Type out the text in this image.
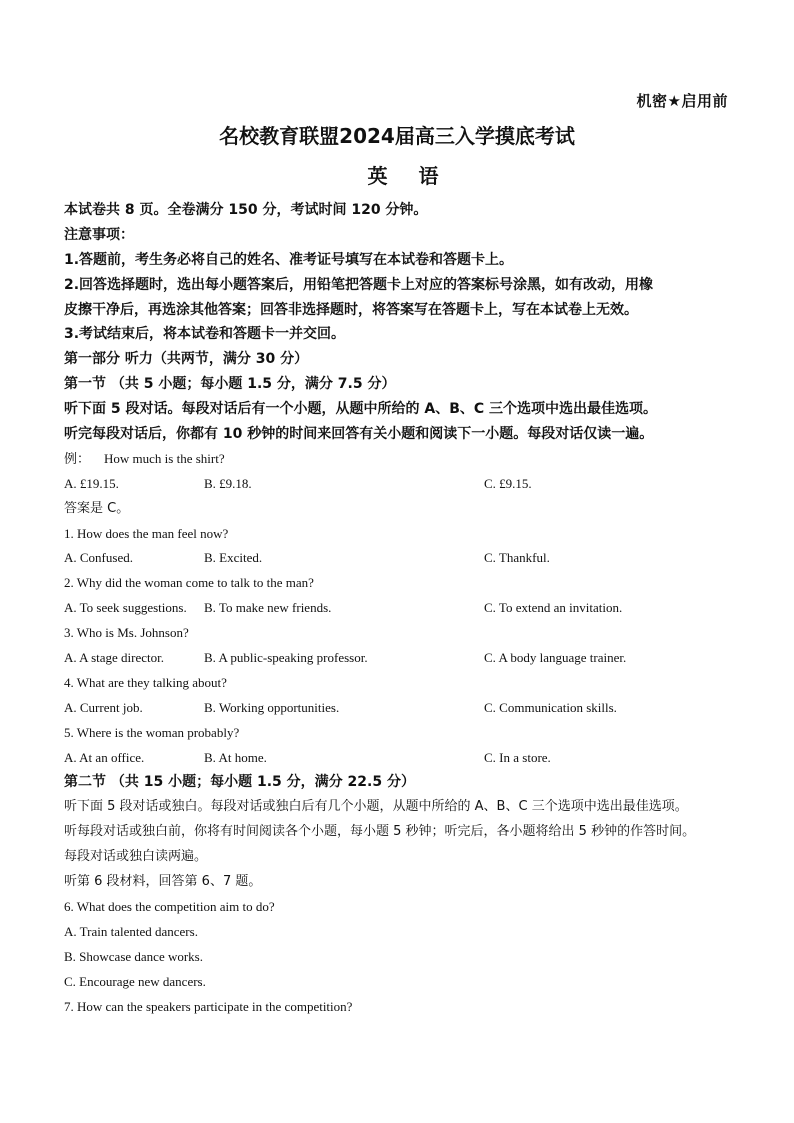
机密★启用前
名校教育联盟2024届高三入学摸底考试
英 语
本试卷共 8 页。全卷满分 150 分，考试时间 120 分钟。
注意事项：
1.答题前，考生务必将自己的姓名、准考证号填写在本试卷和答题卡上。
2.回答选择题时，选出每小题答案后，用铅笔把答题卡上对应的答案标号涂黑，如有改动，用橡
皮擦干净后，再选涂其他答案；回答非选择题时，将答案写在答题卡上，写在本试卷上无效。
3.考试结束后，将本试卷和答题卡一并交回。
第一部分 听力（共两节，满分 30 分）
第一节 （共 5 小题；每小题 1.5 分，满分 7.5 分）
听下面 5 段对话。每段对话后有一个小题，从题中所给的 A、B、C 三个选项中选出最佳选项。
听完每段对话后，你都有 10 秒钟的时间来回答有关小题和阅读下一小题。每段对话仅读一遍。
例： How much is the shirt?
A. £19.15.	B. £9.18.	C. £9.15.
答案是 C。
1. How does the man feel now?
A. Confused.	B. Excited.	C. Thankful.
2. Why did the woman come to talk to the man?
A. To seek suggestions. B. To make new friends.	C. To extend an invitation.
3. Who is Ms. Johnson?
A. A stage director.	B. A public-speaking professor.	C. A body language trainer.
4. What are they talking about?
A. Current job.	B. Working opportunities.	C. Communication skills.
5. Where is the woman probably?
A. At an office.	B. At home.	C. In a store.
第二节 （共 15 小题；每小题 1.5 分，满分 22.5 分）
听下面 5 段对话或独白。每段对话或独白后有几个小题，从题中所给的 A、B、C 三个选项中选出最佳选项。
听每段对话或独白前，你将有时间阅读各个小题，每小题 5 秒钟；听完后，各小题将给出 5 秒钟的作答时间。
每段对话或独白读两遍。
听第 6 段材料，回答第 6、7 题。
6. What does the competition aim to do?
A. Train talented dancers.
B. Showcase dance works.
C. Encourage new dancers.
7. How can the speakers participate in the competition?
